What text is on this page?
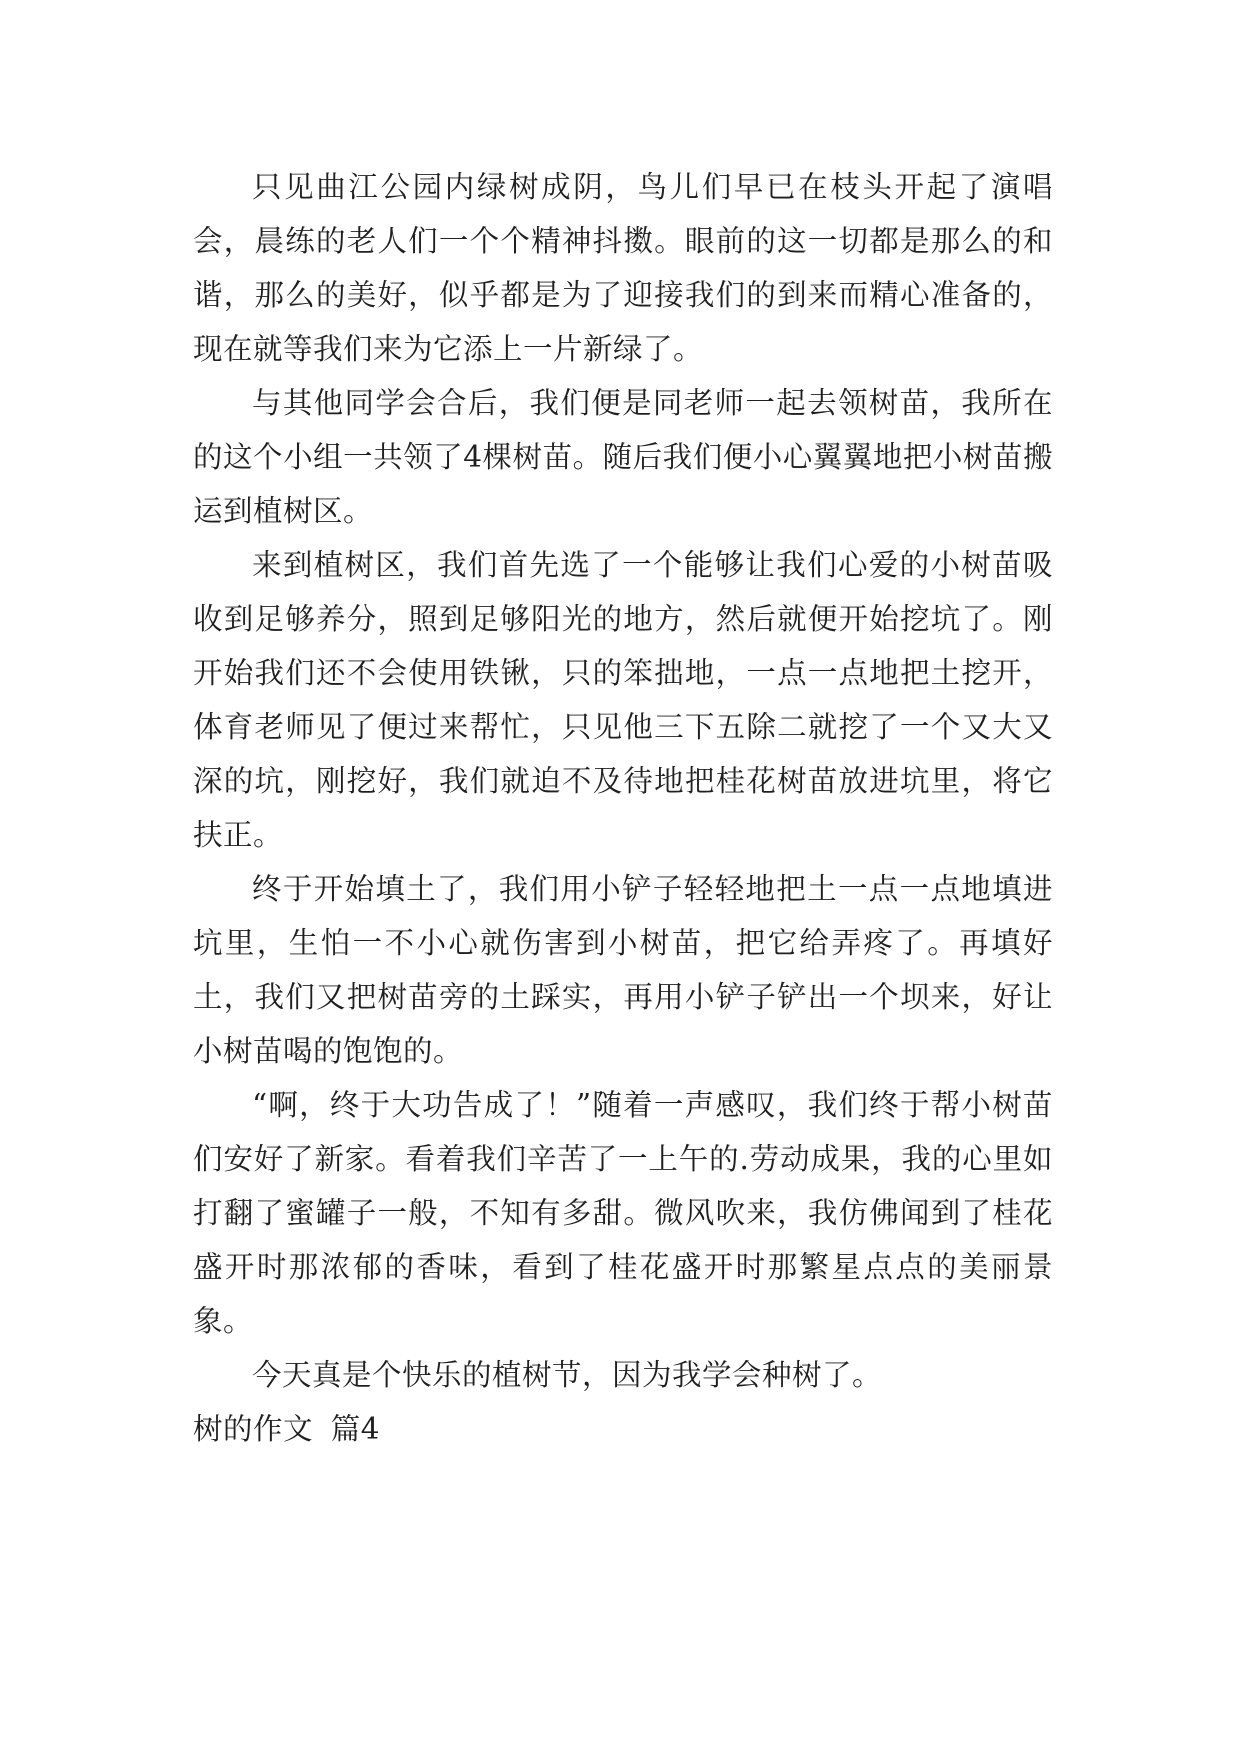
只见曲江公园内绿树成阴，鸟儿们早已在枝头开起了演唱会，晨练的老人们一个个精神抖擞。眼前的这一切都是那么的和谐，那么的美好，似乎都是为了迎接我们的到来而精心准备的，现在就等我们来为它添上一片新绿了。

与其他同学会合后，我们便是同老师一起去领树苗，我所在的这个小组一共领了4棵树苗。随后我们便小心翼翼地把小树苗搬运到植树区。

来到植树区，我们首先选了一个能够让我们心爱的小树苗吸收到足够养分，照到足够阳光的地方，然后就便开始挖坑了。刚开始我们还不会使用铁锹，只的笨拙地，一点一点地把土挖开，体育老师见了便过来帮忙，只见他三下五除二就挖了一个又大又深的坑，刚挖好，我们就迫不及待地把桂花树苗放进坑里，将它扶正。

终于开始填土了，我们用小铲子轻轻地把土一点一点地填进坑里，生怕一不小心就伤害到小树苗，把它给弄疼了。再填好土，我们又把树苗旁的土踩实，再用小铲子铲出一个坝来，好让小树苗喝的饱饱的。

“啊，终于大功告成了！”随着一声感叹，我们终于帮小树苗们安好了新家。看着我们辛苦了一上午的.劳动成果，我的心里如打翻了蜜罐子一般，不知有多甜。微风吹来，我仿佛闻到了桂花盛开时那浓郁的香味，看到了桂花盛开时那繁星点点的美丽景象。

今天真是个快乐的植树节，因为我学会种树了。

树的作文 篇4
